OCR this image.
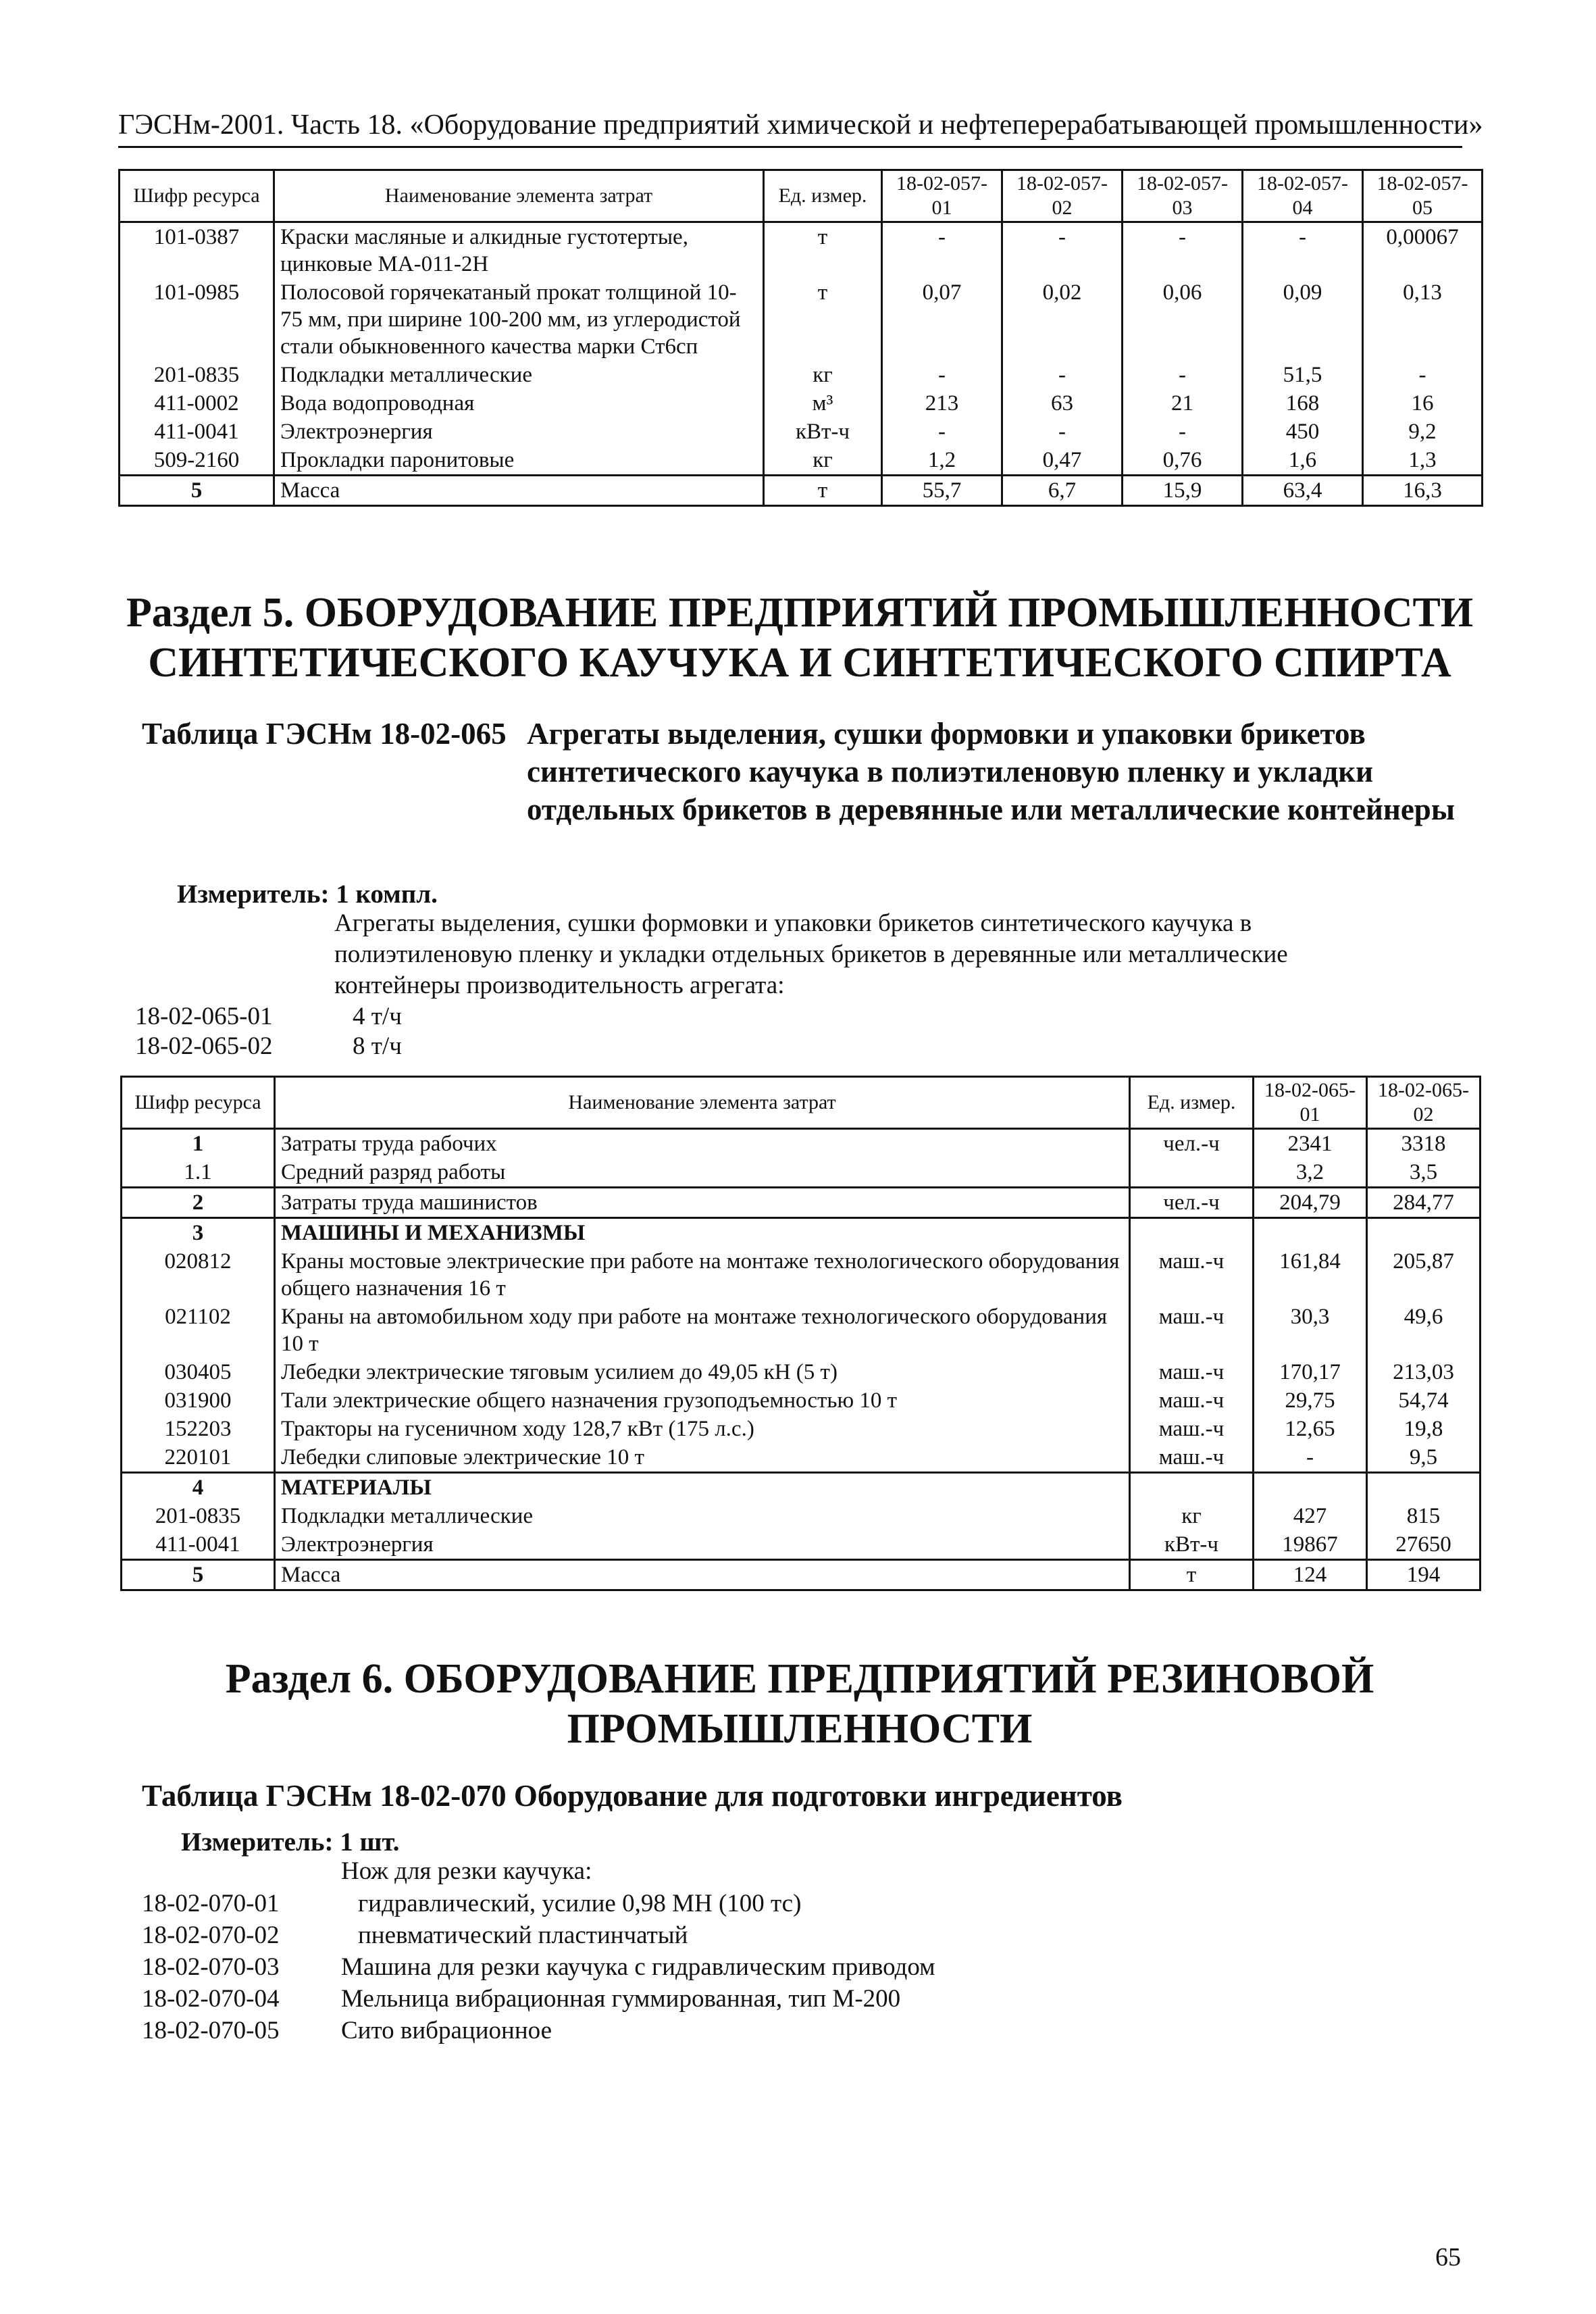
ГЭСНм-2001. Часть 18. «Оборудование предприятий химической и нефтеперерабатывающей промышленности»
Шифр ресурса	Наименование элемента затрат	Ед. измер.	18-02-057-01	18-02-057-02	18-02-057-03	18-02-057-04	18-02-057-05
101-0387	Краски масляные и алкидные густотертые, цинковые МА-011-2Н	т	-	-	-	-	0,00067
101-0985	Полосовой горячекатаный прокат толщиной 10-75 мм, при ширине 100-200 мм, из углеродистой стали обыкновенного качества марки Ст6сп	т	0,07	0,02	0,06	0,09	0,13
201-0835	Подкладки металлические	кг	-	-	-	51,5	-
411-0002	Вода водопроводная	м³	213	63	21	168	16
411-0041	Электроэнергия	кВт-ч	-	-	-	450	9,2
509-2160	Прокладки паронитовые	кг	1,2	0,47	0,76	1,6	1,3
5	Масса	т	55,7	6,7	15,9	63,4	16,3
Раздел 5. ОБОРУДОВАНИЕ ПРЕДПРИЯТИЙ ПРОМЫШЛЕННОСТИ
СИНТЕТИЧЕСКОГО КАУЧУКА И СИНТЕТИЧЕСКОГО СПИРТА
Таблица ГЭСНм 18-02-065 Агрегаты выделения, сушки формовки и упаковки брикетов синтетического каучука в полиэтиленовую пленку и укладки отдельных брикетов в деревянные или металлические контейнеры
Измеритель: 1 компл.
Агрегаты выделения, сушки формовки и упаковки брикетов синтетического каучука в полиэтиленовую пленку и укладки отдельных брикетов в деревянные или металлические контейнеры производительность агрегата:
18-02-065-01	4 т/ч
18-02-065-02	8 т/ч
Шифр ресурса	Наименование элемента затрат	Ед. измер.	18-02-065-01	18-02-065-02
1	Затраты труда рабочих	чел.-ч	2341	3318
1.1	Средний разряд работы		3,2	3,5
2	Затраты труда машинистов	чел.-ч	204,79	284,77
3	МАШИНЫ И МЕХАНИЗМЫ			
020812	Краны мостовые электрические при работе на монтаже технологического оборудования общего назначения 16 т	маш.-ч	161,84	205,87
021102	Краны на автомобильном ходу при работе на монтаже технологического оборудования 10 т	маш.-ч	30,3	49,6
030405	Лебедки электрические тяговым усилием до 49,05 кН (5 т)	маш.-ч	170,17	213,03
031900	Тали электрические общего назначения грузоподъемностью 10 т	маш.-ч	29,75	54,74
152203	Тракторы на гусеничном ходу 128,7 кВт (175 л.с.)	маш.-ч	12,65	19,8
220101	Лебедки слиповые электрические 10 т	маш.-ч	-	9,5
4	МАТЕРИАЛЫ			
201-0835	Подкладки металлические	кг	427	815
411-0041	Электроэнергия	кВт-ч	19867	27650
5	Масса	т	124	194
Раздел 6. ОБОРУДОВАНИЕ ПРЕДПРИЯТИЙ РЕЗИНОВОЙ
ПРОМЫШЛЕННОСТИ
Таблица ГЭСНм 18-02-070 Оборудование для подготовки ингредиентов
Измеритель: 1 шт.
Нож для резки каучука:
18-02-070-01	гидравлический, усилие 0,98 МН (100 тс)
18-02-070-02	пневматический пластинчатый
18-02-070-03 Машина для резки каучука с гидравлическим приводом
18-02-070-04 Мельница вибрационная гуммированная, тип М-200
18-02-070-05 Сито вибрационное
65
